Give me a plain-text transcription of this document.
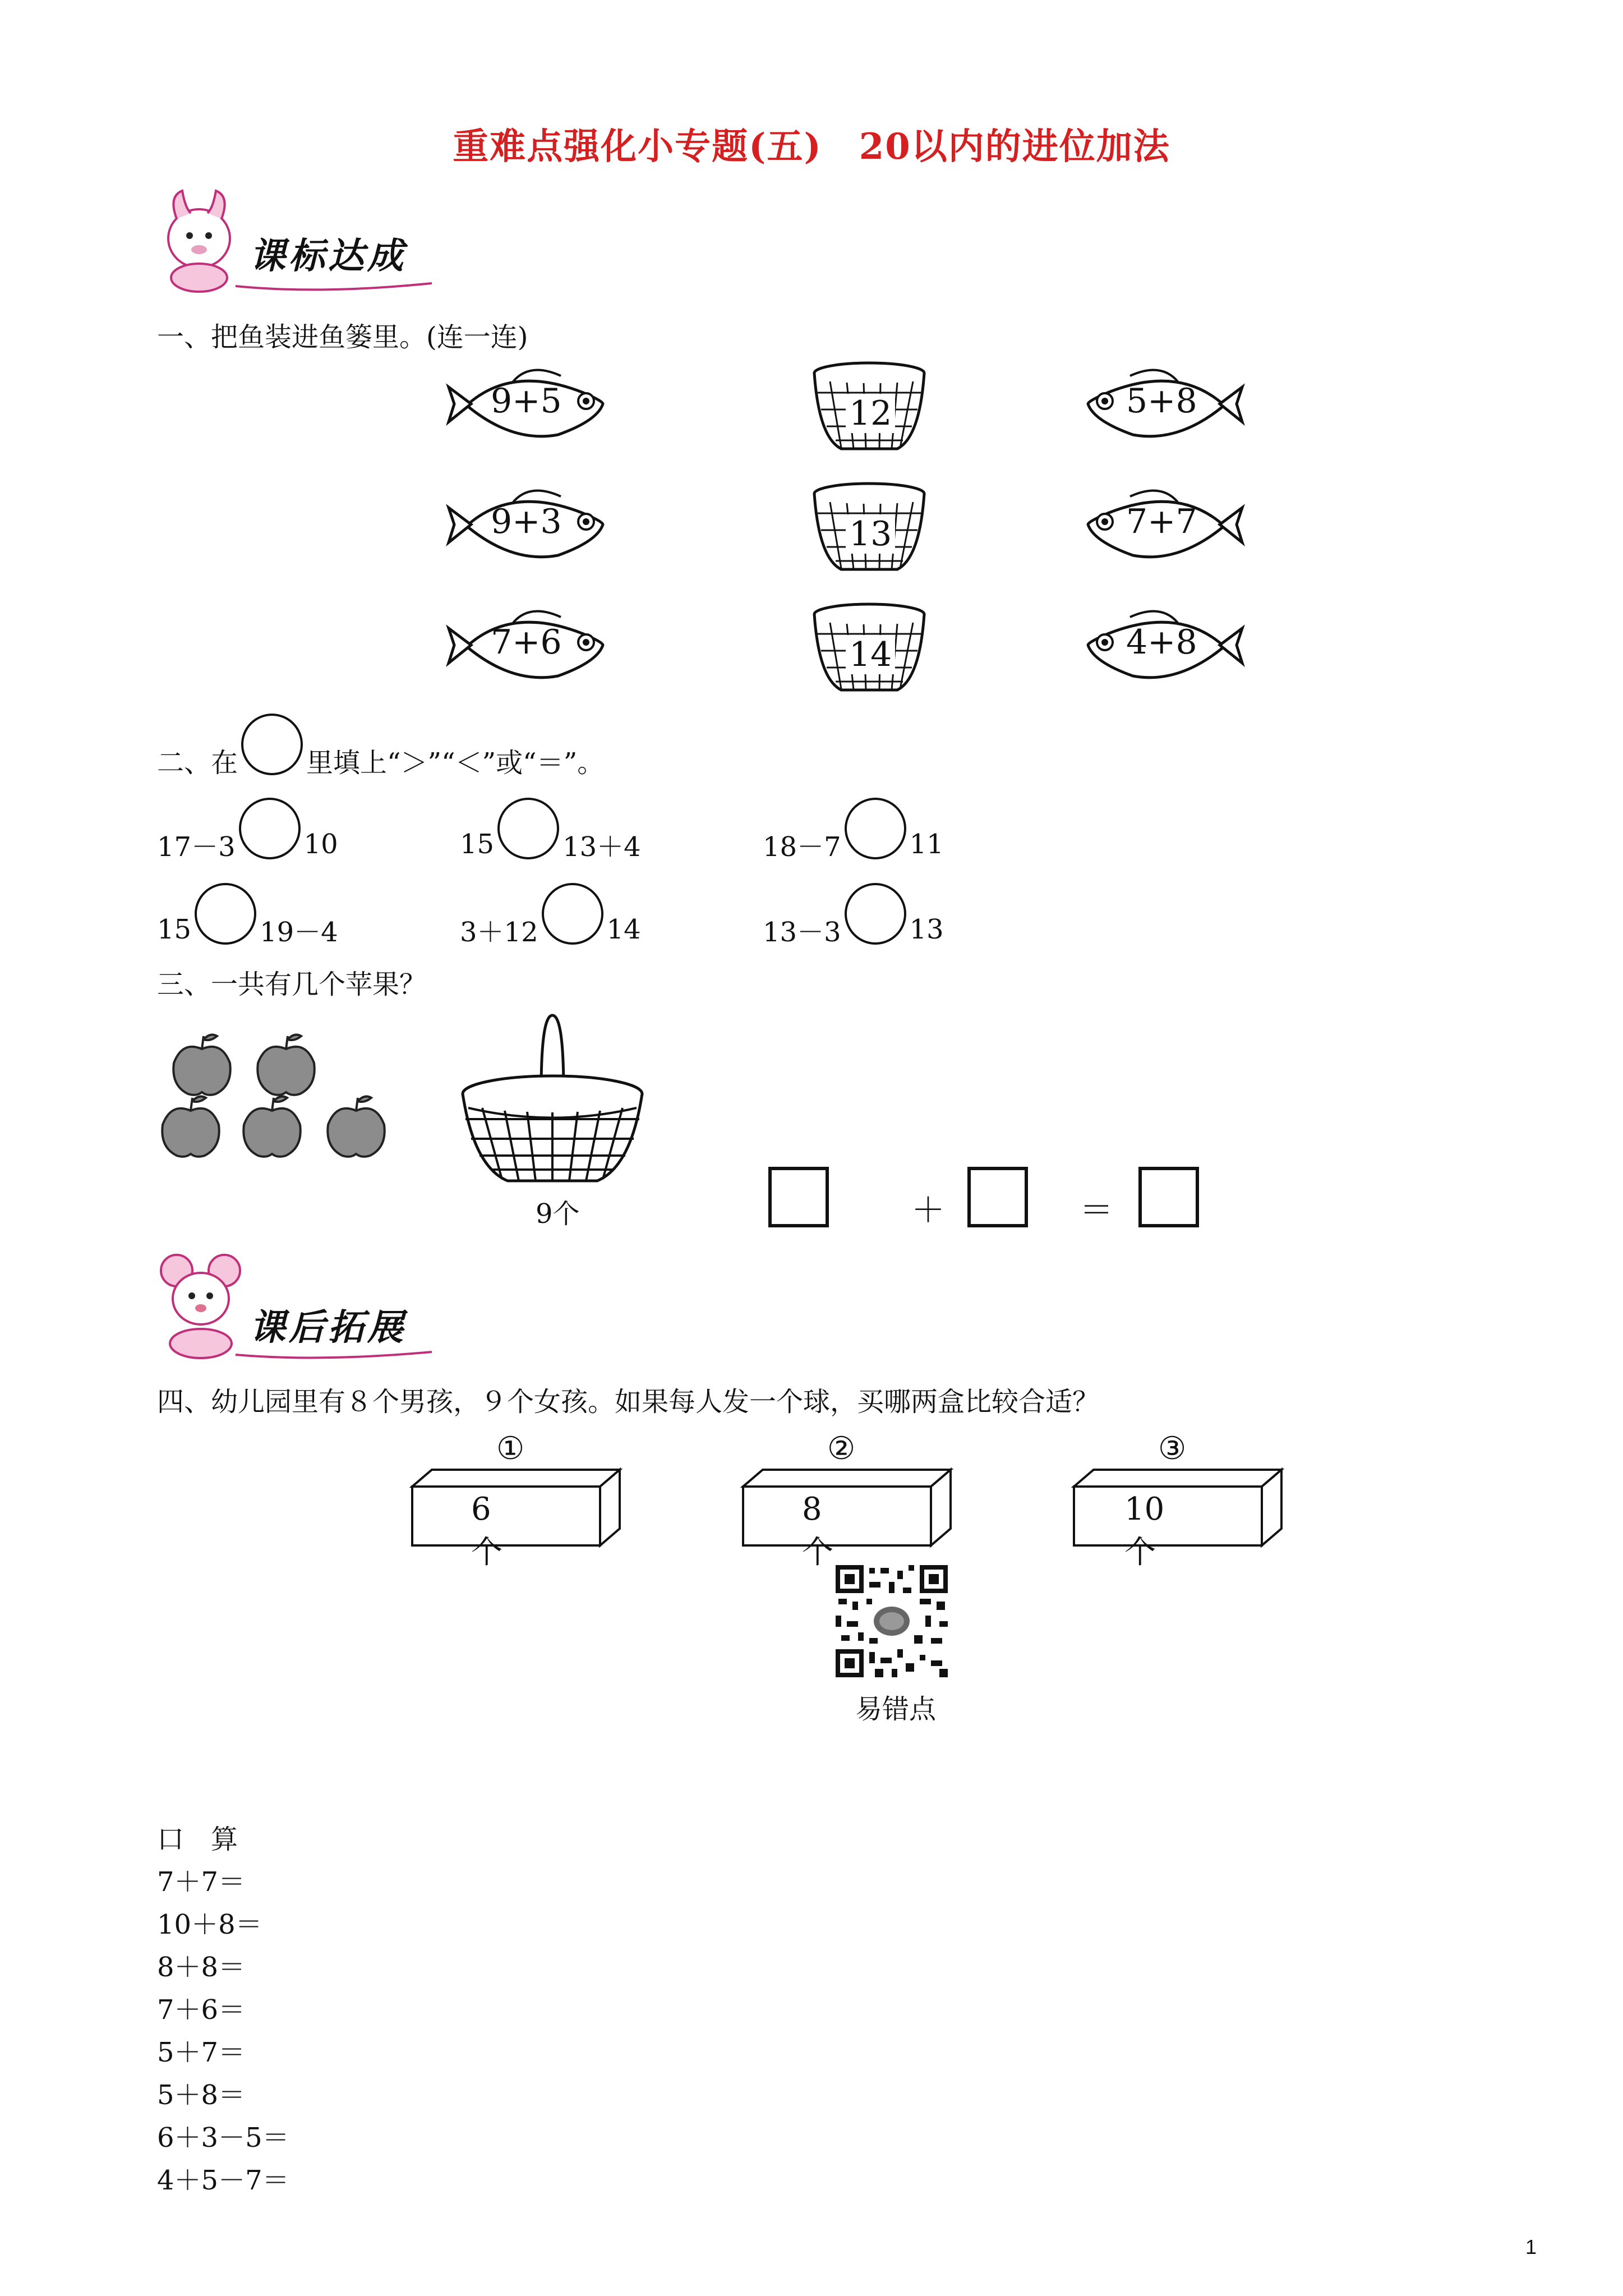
重难点强化小专题(五)　20以内的进位加法
课标达成
一、把鱼装进鱼篓里。(连一连)
9+5
9+3
7+6
12
13
14
5+8
7+7
4+8
二、在	里填上“＞”“＜”或“＝”。
17－3	10	15	13＋4	18－7	11
15	19－4	3＋12	14	13－3	13
三、一共有几个苹果？
9个	＋	＝
课后拓展
四、幼儿园里有８个男孩，９个女孩。如果每人发一个球，买哪两盒比较合适？
①
6个
②
8个
③
10个
易错点
口　算
7＋7＝
10＋8＝
8＋8＝
7＋6＝
5＋7＝
5＋8＝
6＋3－5＝
4＋5－7＝
1
